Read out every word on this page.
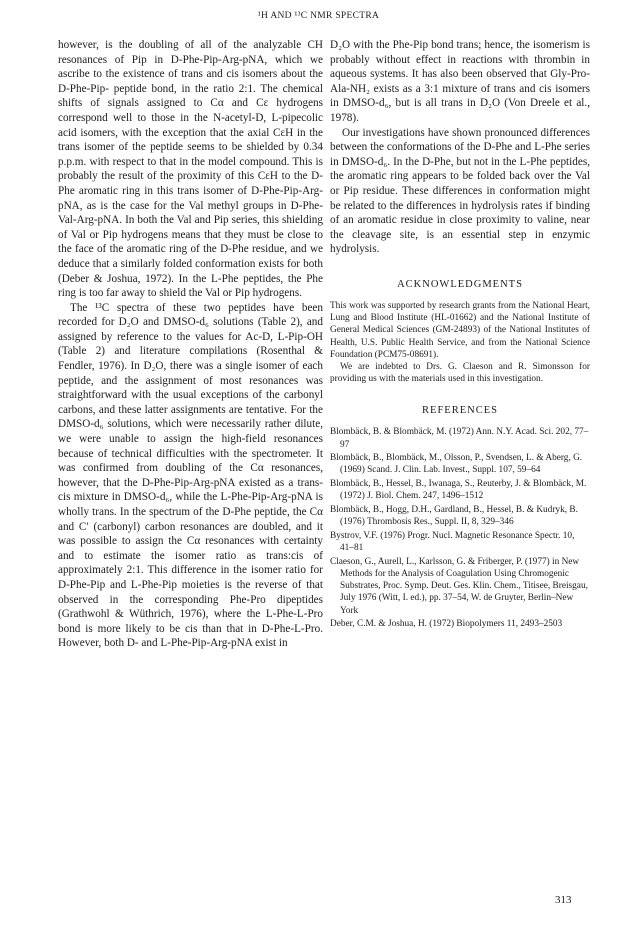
¹H AND ¹³C NMR SPECTRA

however, is the doubling of all of the analyzable CH resonances of Pip in D-Phe-Pip-Arg-pNA, which we ascribe to the existence of trans and cis isomers about the D-Phe-Pip- peptide bond, in the ratio 2:1. The chemical shifts of signals assigned to Cα and Cε hydrogens correspond well to those in the N-acetyl-D, L-pipecolic acid isomers, with the exception that the axial CεH in the trans isomer of the peptide seems to be shielded by 0.34 p.p.m. with respect to that in the model compound. This is probably the result of the proximity of this CεH to the D-Phe aromatic ring in this trans isomer of D-Phe-Pip-Arg-pNA, as is the case for the Val methyl groups in D-Phe-Val-Arg-pNA. In both the Val and Pip series, this shielding of Val or Pip hydrogens means that they must be close to the face of the aromatic ring of the D-Phe residue, and we deduce that a similarly folded conformation exists for both (Deber & Joshua, 1972). In the L-Phe peptides, the Phe ring is too far away to shield the Val or Pip hydrogens.

The ¹³C spectra of these two peptides have been recorded for D₂O and DMSO-d₆ solutions (Table 2), and assigned by reference to the values for Ac-D, L-Pip-OH (Table 2) and literature compilations (Rosenthal & Fendler, 1976). In D₂O, there was a single isomer of each peptide, and the assignment of most resonances was straightforward with the usual exceptions of the carbonyl carbons, and these latter assignments are tentative. For the DMSO-d₆ solutions, which were necessarily rather dilute, we were unable to assign the high-field resonances because of technical difficulties with the spectrometer. It was confirmed from doubling of the Cα resonances, however, that the D-Phe-Pip-Arg-pNA existed as a trans-cis mixture in DMSO-d₆, while the L-Phe-Pip-Arg-pNA is wholly trans. In the spectrum of the D-Phe peptide, the Cα and C′ (carbonyl) carbon resonances are doubled, and it was possible to assign the Cα resonances with certainty and to estimate the isomer ratio as trans:cis of approximately 2:1. This difference in the isomer ratio for D-Phe-Pip and L-Phe-Pip moieties is the reverse of that observed in the corresponding Phe-Pro dipeptides (Grathwohl & Wüthrich, 1976), where the L-Phe-L-Pro bond is more likely to be cis than that in D-Phe-L-Pro. However, both D- and L-Phe-Pip-Arg-pNA exist in

D₂O with the Phe-Pip bond trans; hence, the isomerism is probably without effect in reactions with thrombin in aqueous systems. It has also been observed that Gly-Pro-Ala-NH₂ exists as a 3:1 mixture of trans and cis isomers in DMSO-d₆, but is all trans in D₂O (Von Dreele et al., 1978).

Our investigations have shown pronounced differences between the conformations of the D-Phe and L-Phe series in DMSO-d₆. In the D-Phe, but not in the L-Phe peptides, the aromatic ring appears to be folded back over the Val or Pip residue. These differences in conformation might be related to the differences in hydrolysis rates if binding of an aromatic residue in close proximity to valine, near the cleavage site, is an essential step in enzymic hydrolysis.

ACKNOWLEDGMENTS

This work was supported by research grants from the National Heart, Lung and Blood Institute (HL-01662) and the National Institute of General Medical Sciences (GM-24893) of the National Institutes of Health, U.S. Public Health Service, and from the National Science Foundation (PCM75-08691).

We are indebted to Drs. G. Claeson and R. Simonsson for providing us with the materials used in this investigation.

REFERENCES

Blombäck, B. & Blombäck, M. (1972) Ann. N.Y. Acad. Sci. 202, 77–97
Blombäck, B., Blombäck, M., Olsson, P., Svendsen, L. & Aberg, G. (1969) Scand. J. Clin. Lab. Invest., Suppl. 107, 59–64
Blombäck, B., Hessel, B., Iwanaga, S., Reuterby, J. & Blombäck, M. (1972) J. Biol. Chem. 247, 1496–1512
Blombäck, B., Hogg, D.H., Gardland, B., Hessel, B. & Kudryk, B. (1976) Thrombosis Res., Suppl. II, 8, 329–346
Bystrov, V.F. (1976) Progr. Nucl. Magnetic Resonance Spectr. 10, 41–81
Claeson, G., Aurell, L., Karlsson, G. & Friberger, P. (1977) in New Methods for the Analysis of Coagulation Using Chromogenic Substrates, Proc. Symp. Deut. Ges. Klin. Chem., Titisee, Breisgau, July 1976 (Witt, I. ed.), pp. 37–54, W. de Gruyter, Berlin–New York
Deber, C.M. & Joshua, H. (1972) Biopolymers 11, 2493–2503
313
